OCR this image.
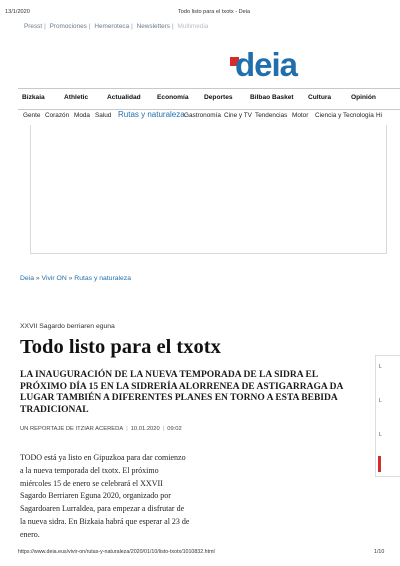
13/1/2020	Todo listo para el txotx - Deia
Presst | Promociones | Hemeroteca | Newsletters | Multimedia
deia
Bizkaia	Athletic	Actualidad Economía Deportes	Bilbao Basket Cultura	Opinión
Gente Corazón Moda Salud Rutas y naturaleza Gastronomía Cine y TV Tendencias Motor Ciencia y Tecnología Hi
Deia » Vivir ON » Rutas y naturaleza
XXVII Sagardo berriaren eguna
Todo listo para el txotx
LA INAUGURACIÓN DE LA NUEVA TEMPORADA DE LA SIDRA EL PRÓXIMO DÍA 15 EN LA SIDRERÍA ALORRENEA DE ASTIGARRAGA DA LUGAR TAMBIÉN A DIFERENTES PLANES EN TORNO A ESTA BEBIDA TRADICIONAL
UN REPORTAJE DE ITZIAR ACEREDA | 10.01.2020 | 09:02
TODO está ya listo en Gipuzkoa para dar comienzo a la nueva temporada del txotx. El próximo miércoles 15 de enero se celebrará el XXVII Sagardo Berriaren Eguna 2020, organizado por Sagardoaren Lurraldea, para empezar a disfrutar de la nueva sidra. En Bizkaia habrá que esperar al 23 de enero.
L
L
L
https://www.deia.eus/vivir-on/rutas-y-naturaleza/2020/01/10/listo-txotx/1010832.html	1/10
